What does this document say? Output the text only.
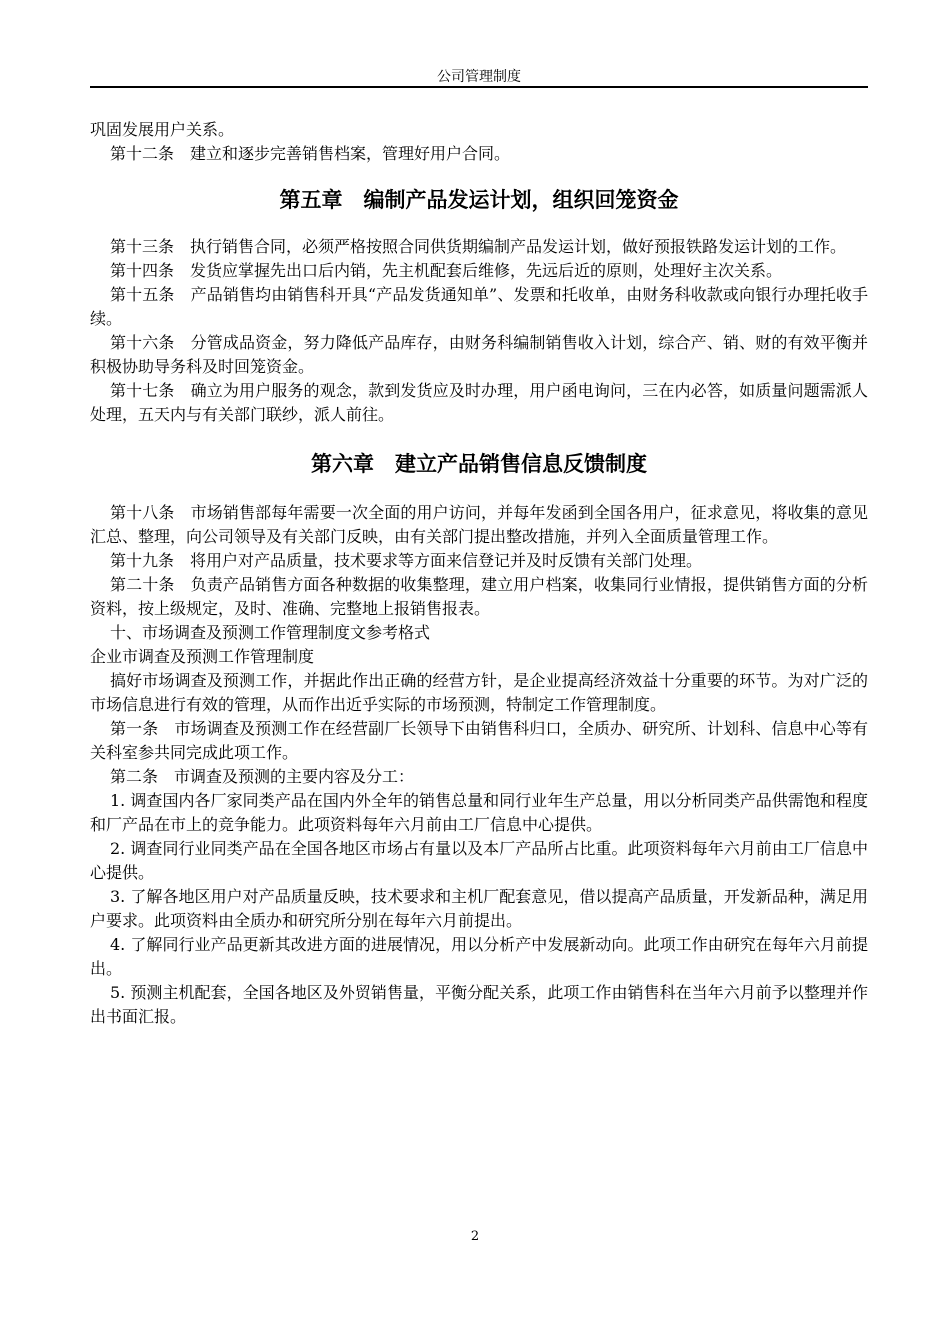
公司管理制度

巩固发展用户关系。

第十二条　建立和逐步完善销售档案，管理好用户合同。

第五章　编制产品发运计划，组织回笼资金

第十三条　执行销售合同，必须严格按照合同供货期编制产品发运计划，做好预报铁路发运计划的工作。

第十四条　发货应掌握先出口后内销，先主机配套后维修，先远后近的原则，处理好主次关系。

第十五条　产品销售均由销售科开具“产品发货通知单”、发票和托收单，由财务科收款或向银行办理托收手续。

第十六条　分管成品资金，努力降低产品库存，由财务科编制销售收入计划，综合产、销、财的有效平衡并积极协助导务科及时回笼资金。

第十七条　确立为用户服务的观念，款到发货应及时办理，用户函电询问，三在内必答，如质量问题需派人处理，五天内与有关部门联纱，派人前往。

第六章　建立产品销售信息反馈制度

第十八条　市场销售部每年需要一次全面的用户访问，并每年发函到全国各用户，征求意见，将收集的意见汇总、整理，向公司领导及有关部门反映，由有关部门提出整改措施，并列入全面质量管理工作。

第十九条　将用户对产品质量，技术要求等方面来信登记并及时反馈有关部门处理。

第二十条　负责产品销售方面各种数据的收集整理，建立用户档案，收集同行业情报，提供销售方面的分析资料，按上级规定，及时、准确、完整地上报销售报表。

十、市场调查及预测工作管理制度文参考格式

企业市调查及预测工作管理制度

搞好市场调查及预测工作，并据此作出正确的经营方针，是企业提高经济效益十分重要的环节。为对广泛的市场信息进行有效的管理，从而作出近乎实际的市场预测，特制定工作管理制度。

第一条　市场调查及预测工作在经营副厂长领导下由销售科归口，全质办、研究所、计划科、信息中心等有关科室参共同完成此项工作。

第二条　市调查及预测的主要内容及分工：

1. 调查国内各厂家同类产品在国内外全年的销售总量和同行业年生产总量，用以分析同类产品供需饱和程度和厂产品在市上的竞争能力。此项资料每年六月前由工厂信息中心提供。

2. 调查同行业同类产品在全国各地区市场占有量以及本厂产品所占比重。此项资料每年六月前由工厂信息中心提供。

3. 了解各地区用户对产品质量反映，技术要求和主机厂配套意见，借以提高产品质量，开发新品种，满足用户要求。此项资料由全质办和研究所分别在每年六月前提出。

4. 了解同行业产品更新其改进方面的进展情况，用以分析产中发展新动向。此项工作由研究在每年六月前提出。

5. 预测主机配套，全国各地区及外贸销售量，平衡分配关系，此项工作由销售科在当年六月前予以整理并作出书面汇报。

2
